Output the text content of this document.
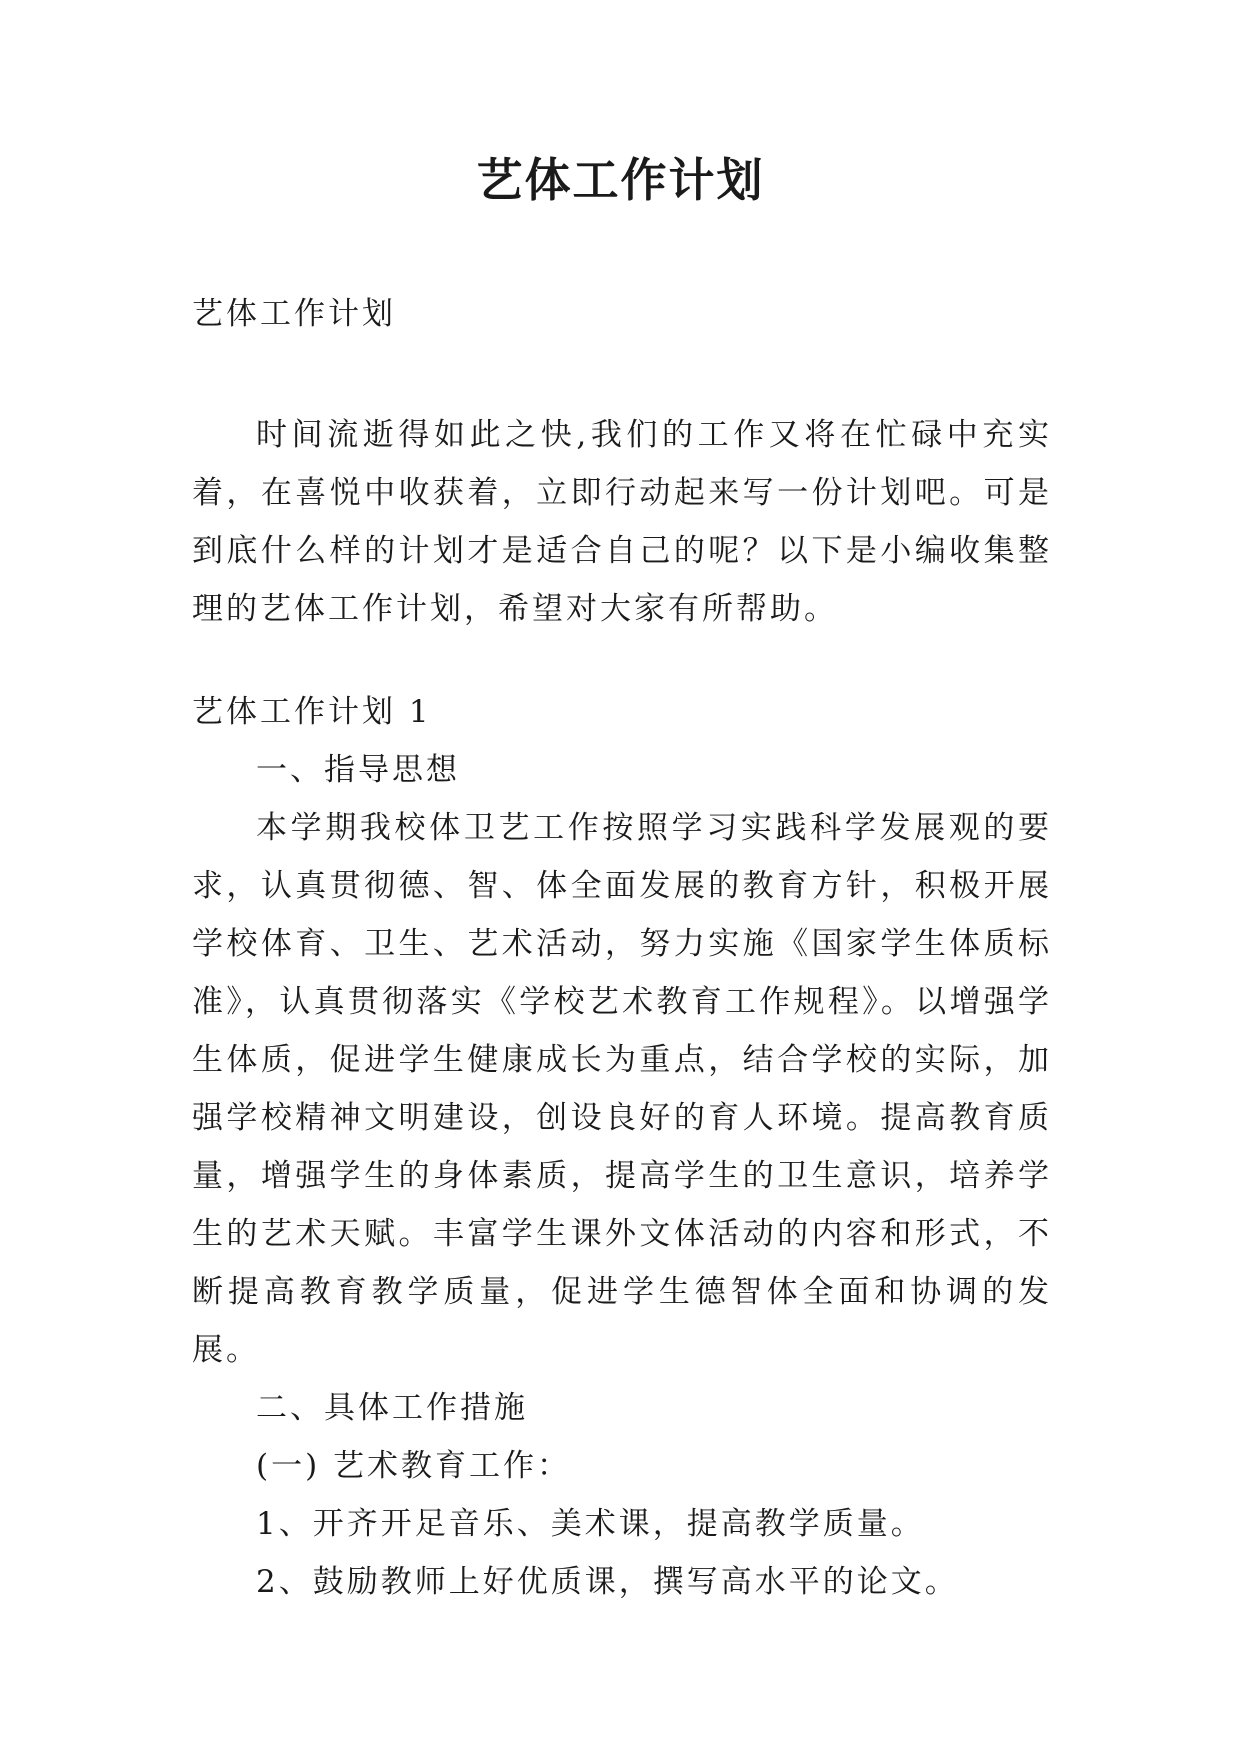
艺体工作计划

艺体工作计划

时间流逝得如此之快,我们的工作又将在忙碌中充实着，在喜悦中收获着，立即行动起来写一份计划吧。可是到底什么样的计划才是适合自己的呢？以下是小编收集整理的艺体工作计划，希望对大家有所帮助。

艺体工作计划 1

一、指导思想

本学期我校体卫艺工作按照学习实践科学发展观的要求，认真贯彻德、智、体全面发展的教育方针，积极开展学校体育、卫生、艺术活动，努力实施《国家学生体质标准》，认真贯彻落实《学校艺术教育工作规程》。以增强学生体质，促进学生健康成长为重点，结合学校的实际，加强学校精神文明建设，创设良好的育人环境。提高教育质量，增强学生的身体素质，提高学生的卫生意识，培养学生的艺术天赋。丰富学生课外文体活动的内容和形式，不断提高教育教学质量，促进学生德智体全面和协调的发展。

二、具体工作措施

(一) 艺术教育工作：

1、开齐开足音乐、美术课，提高教学质量。

2、鼓励教师上好优质课，撰写高水平的论文。
